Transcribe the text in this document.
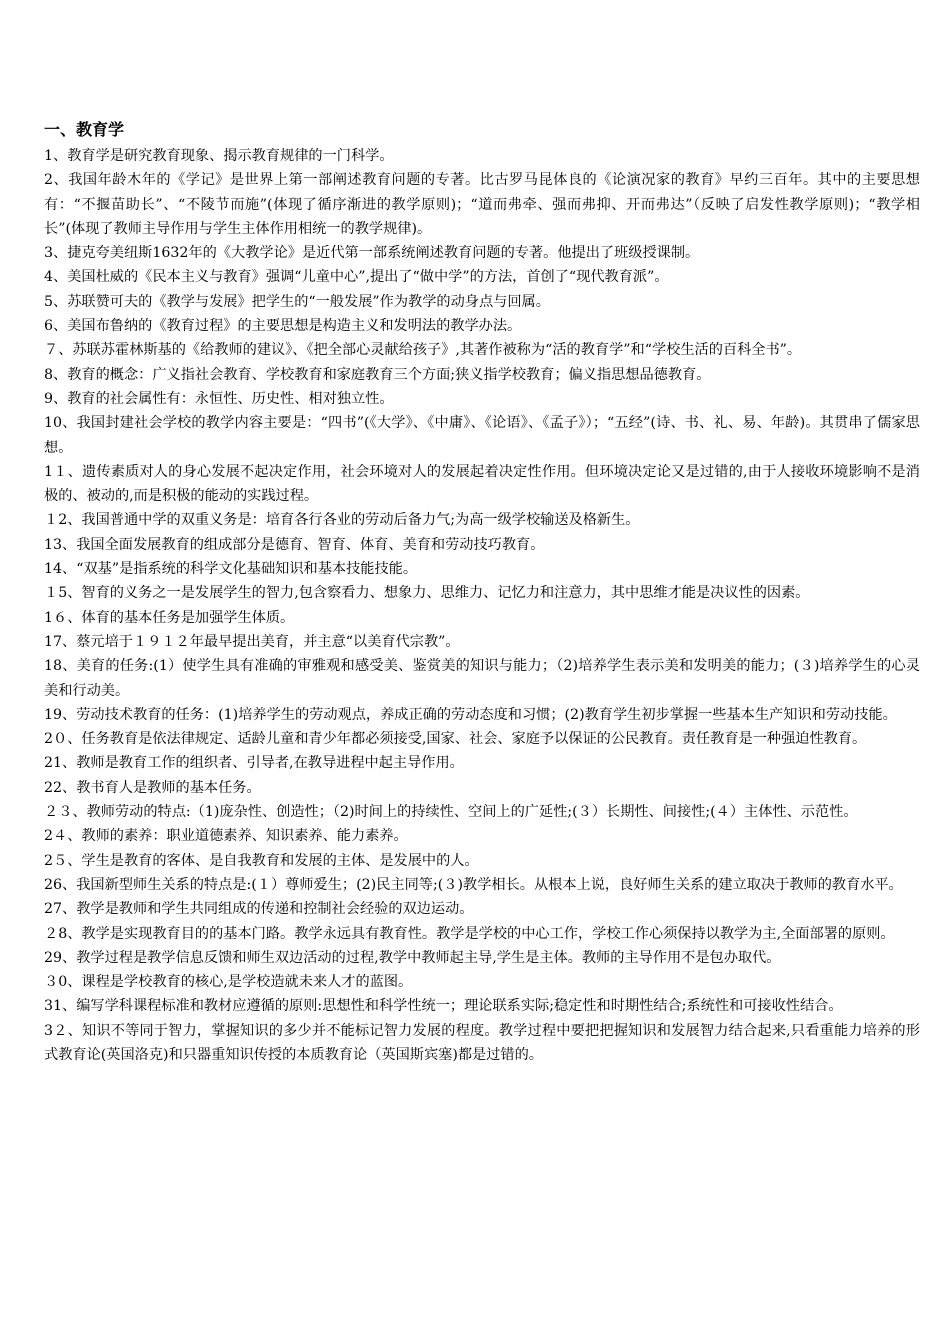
一、教育学

1、教育学是研究教育现象、揭示教育规律的一门科学。

2、我国年龄木年的《学记》是世界上第一部阐述教育问题的专著。比古罗马昆体良的《论演况家的教育》早约三百年。其中的主要思想有：“不揠苗助长”、“不陵节而施”(体现了循序渐进的教学原则)；“道而弗牵、强而弗抑、开而弗达”（反映了启发性教学原则)；“教学相长”(体现了教师主导作用与学生主体作用相统一的教学规律)。

3、捷克夸美纽斯1632年的《大教学论》是近代第一部系统阐述教育问题的专著。他提出了班级授课制。

4、美国杜威的《民本主义与教育》强调“儿童中心”,提出了“做中学”的方法，首创了“现代教育派”。

5、苏联赞可夫的《教学与发展》把学生的“一般发展”作为教学的动身点与回属。

6、美国布鲁纳的《教育过程》的主要思想是构造主义和发明法的教学办法。

７、苏联苏霍林斯基的《给教师的建议》、《把全部心灵献给孩子》,其著作被称为“活的教育学”和“学校生活的百科全书”。

8、教育的概念：广义指社会教育、学校教育和家庭教育三个方面;狭义指学校教育；偏义指思想品德教育。

9、教育的社会属性有：永恒性、历史性、相对独立性。

10、我国封建社会学校的教学内容主要是：“四书”(《大学》、《中庸》、《论语》、《孟子》）；“五经”(诗、书、礼、易、年龄)。其贯串了儒家思想。

1１、遗传素质对人的身心发展不起决定作用，社会环境对人的发展起着决定性作用。但环境决定论又是过错的,由于人接收环境影响不是消极的、被动的,而是积极的能动的实践过程。

１2、我国普通中学的双重义务是：培育各行各业的劳动后备力气;为高一级学校输送及格新生。

13、我国全面发展教育的组成部分是德育、智育、体育、美育和劳动技巧教育。

14、“双基”是指系统的科学文化基础知识和基本技能技能。

１5、智育的义务之一是发展学生的智力,包含察看力、想象力、思维力、记忆力和注意力，其中思维才能是决议性的因素。

1６、体育的基本任务是加强学生体质。

17、蔡元培于１９１２年最早提出美育，并主意“以美育代宗教”。

18、美育的任务:(1）使学生具有准确的审雅观和感受美、鉴赏美的知识与能力；（2)培养学生表示美和发明美的能力；(３)培养学生的心灵美和行动美。

19、劳动技术教育的任务：(1)培养学生的劳动观点，养成正确的劳动态度和习惯；(2)教育学生初步掌握一些基本生产知识和劳动技能。

2０、任务教育是依法律规定、适龄儿童和青少年都必须接受,国家、社会、家庭予以保证的公民教育。责任教育是一种强迫性教育。

21、教师是教育工作的组织者、引导者,在教导进程中起主导作用。

22、教书育人是教师的基本任务。

２３、教师劳动的特点:（1)庞杂性、创造性；（2)时间上的持续性、空间上的广延性;(３）长期性、间接性;(４）主体性、示范性。

2４、教师的素养：职业道德素养、知识素养、能力素养。

2５、学生是教育的客体、是自我教育和发展的主体、是发展中的人。

26、我国新型师生关系的特点是:(１）尊师爱生；(2)民主同等;(３)教学相长。从根本上说，良好师生关系的建立取决于教师的教育水平。

27、教学是教师和学生共同组成的传递和控制社会经验的双边运动。

２8、教学是实现教育目的的基本门路。教学永远具有教育性。教学是学校的中心工作，学校工作心须保持以教学为主,全面部署的原则。

29、教学过程是教学信息反馈和师生双边活动的过程,教学中教师起主导,学生是主体。教师的主导作用不是包办取代。

３0、课程是学校教育的核心,是学校造就未来人才的蓝图。

31、编写学科课程标准和教材应遵循的原则:思想性和科学性统一；理论联系实际;稳定性和时期性结合;系统性和可接收性结合。

3２、知识不等同于智力，掌握知识的多少并不能标记智力发展的程度。教学过程中要把把握知识和发展智力结合起来,只看重能力培养的形式教育论(英国洛克)和只器重知识传授的本质教育论（英国斯宾塞)都是过错的。
